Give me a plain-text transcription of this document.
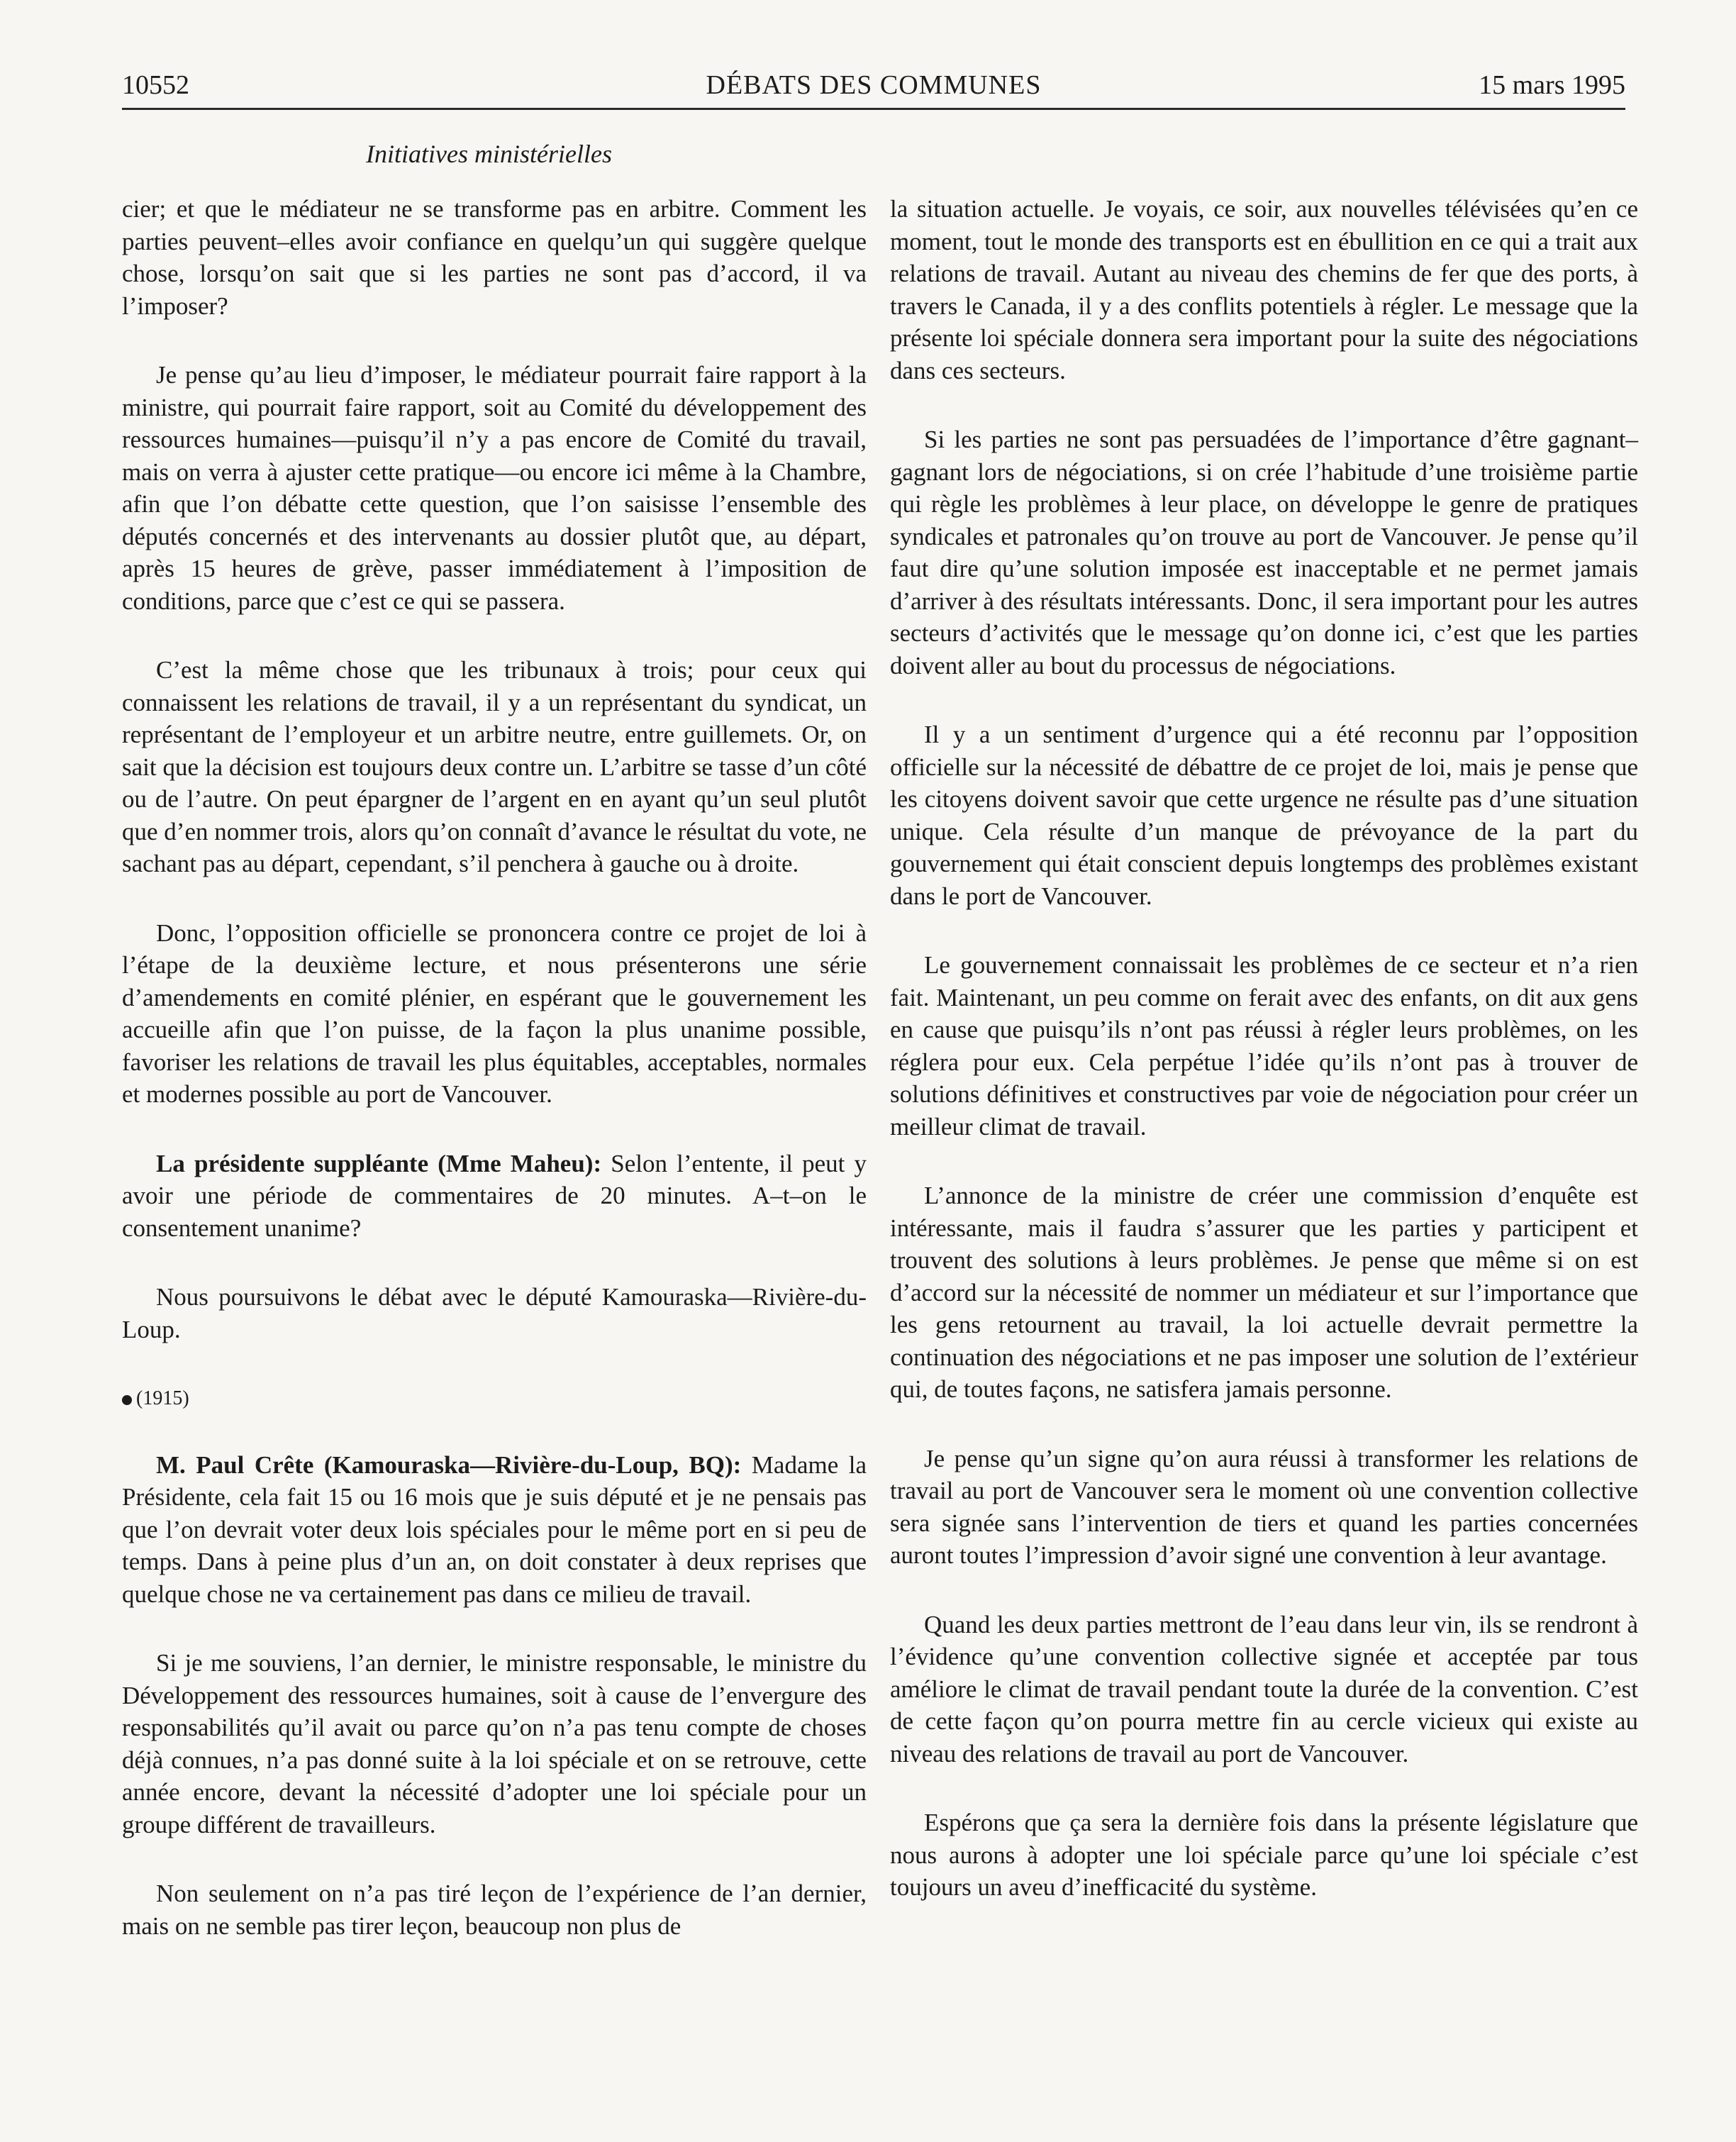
10552	DÉBATS DES COMMUNES	15 mars 1995
Initiatives ministérielles

cier; et que le médiateur ne se transforme pas en arbitre. Comment les parties peuvent–elles avoir confiance en quelqu’un qui suggère quelque chose, lorsqu’on sait que si les parties ne sont pas d’accord, il va l’imposer?

Je pense qu’au lieu d’imposer, le médiateur pourrait faire rapport à la ministre, qui pourrait faire rapport, soit au Comité du développement des ressources humaines—puisqu’il n’y a pas encore de Comité du travail, mais on verra à ajuster cette pratique—ou encore ici même à la Chambre, afin que l’on débatte cette question, que l’on saisisse l’ensemble des députés concernés et des intervenants au dossier plutôt que, au départ, après 15 heures de grève, passer immédiatement à l’imposition de conditions, parce que c’est ce qui se passera.

C’est la même chose que les tribunaux à trois; pour ceux qui connaissent les relations de travail, il y a un représentant du syndicat, un représentant de l’employeur et un arbitre neutre, entre guillemets. Or, on sait que la décision est toujours deux contre un. L’arbitre se tasse d’un côté ou de l’autre. On peut épargner de l’argent en en ayant qu’un seul plutôt que d’en nommer trois, alors qu’on connaît d’avance le résultat du vote, ne sachant pas au départ, cependant, s’il penchera à gauche ou à droite.

Donc, l’opposition officielle se prononcera contre ce projet de loi à l’étape de la deuxième lecture, et nous présenterons une série d’amendements en comité plénier, en espérant que le gouvernement les accueille afin que l’on puisse, de la façon la plus unanime possible, favoriser les relations de travail les plus équitables, acceptables, normales et modernes possible au port de Vancouver.

La présidente suppléante (Mme Maheu): Selon l’entente, il peut y avoir une période de commentaires de 20 minutes. A–t–on le consentement unanime?

Nous poursuivons le débat avec le député Kamouraska—Rivière-du-Loup.

(1915)

M. Paul Crête (Kamouraska—Rivière-du-Loup, BQ): Madame la Présidente, cela fait 15 ou 16 mois que je suis député et je ne pensais pas que l’on devrait voter deux lois spéciales pour le même port en si peu de temps. Dans à peine plus d’un an, on doit constater à deux reprises que quelque chose ne va certainement pas dans ce milieu de travail.

Si je me souviens, l’an dernier, le ministre responsable, le ministre du Développement des ressources humaines, soit à cause de l’envergure des responsabilités qu’il avait ou parce qu’on n’a pas tenu compte de choses déjà connues, n’a pas donné suite à la loi spéciale et on se retrouve, cette année encore, devant la nécessité d’adopter une loi spéciale pour un groupe différent de travailleurs.

Non seulement on n’a pas tiré leçon de l’expérience de l’an dernier, mais on ne semble pas tirer leçon, beaucoup non plus de

la situation actuelle. Je voyais, ce soir, aux nouvelles télévisées qu’en ce moment, tout le monde des transports est en ébullition en ce qui a trait aux relations de travail. Autant au niveau des chemins de fer que des ports, à travers le Canada, il y a des conflits potentiels à régler. Le message que la présente loi spéciale donnera sera important pour la suite des négociations dans ces secteurs.

Si les parties ne sont pas persuadées de l’importance d’être gagnant–gagnant lors de négociations, si on crée l’habitude d’une troisième partie qui règle les problèmes à leur place, on développe le genre de pratiques syndicales et patronales qu’on trouve au port de Vancouver. Je pense qu’il faut dire qu’une solution imposée est inacceptable et ne permet jamais d’arriver à des résultats intéressants. Donc, il sera important pour les autres secteurs d’activités que le message qu’on donne ici, c’est que les parties doivent aller au bout du processus de négociations.

Il y a un sentiment d’urgence qui a été reconnu par l’opposition officielle sur la nécessité de débattre de ce projet de loi, mais je pense que les citoyens doivent savoir que cette urgence ne résulte pas d’une situation unique. Cela résulte d’un manque de prévoyance de la part du gouvernement qui était conscient depuis longtemps des problèmes existant dans le port de Vancouver.

Le gouvernement connaissait les problèmes de ce secteur et n’a rien fait. Maintenant, un peu comme on ferait avec des enfants, on dit aux gens en cause que puisqu’ils n’ont pas réussi à régler leurs problèmes, on les réglera pour eux. Cela perpétue l’idée qu’ils n’ont pas à trouver de solutions définitives et constructives par voie de négociation pour créer un meilleur climat de travail.

L’annonce de la ministre de créer une commission d’enquête est intéressante, mais il faudra s’assurer que les parties y participent et trouvent des solutions à leurs problèmes. Je pense que même si on est d’accord sur la nécessité de nommer un médiateur et sur l’importance que les gens retournent au travail, la loi actuelle devrait permettre la continuation des négociations et ne pas imposer une solution de l’extérieur qui, de toutes façons, ne satisfera jamais personne.

Je pense qu’un signe qu’on aura réussi à transformer les relations de travail au port de Vancouver sera le moment où une convention collective sera signée sans l’intervention de tiers et quand les parties concernées auront toutes l’impression d’avoir signé une convention à leur avantage.

Quand les deux parties mettront de l’eau dans leur vin, ils se rendront à l’évidence qu’une convention collective signée et acceptée par tous améliore le climat de travail pendant toute la durée de la convention. C’est de cette façon qu’on pourra mettre fin au cercle vicieux qui existe au niveau des relations de travail au port de Vancouver.

Espérons que ça sera la dernière fois dans la présente législature que nous aurons à adopter une loi spéciale parce qu’une loi spéciale c’est toujours un aveu d’inefficacité du système.
